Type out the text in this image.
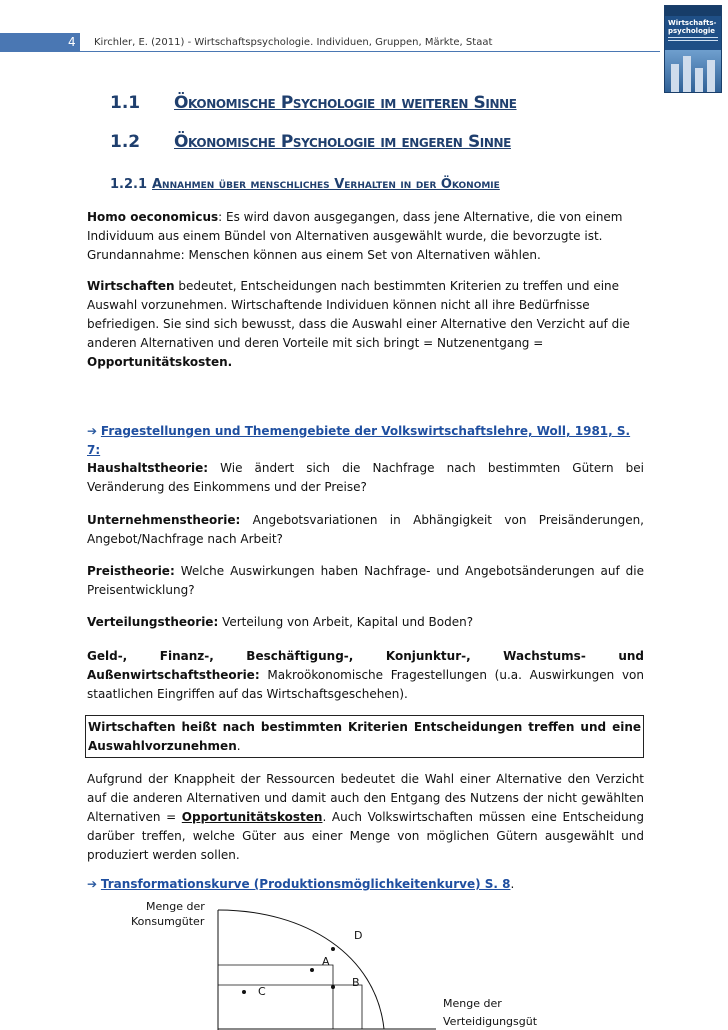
4	Kirchler, E. (2011) - Wirtschaftspsychologie. Individuen, Gruppen, Märkte, Staat
Wirtschafts-
psychologie
1.1 Ökonomische Psychologie im weiteren Sinne
1.2 Ökonomische Psychologie im engeren Sinne
1.2.1 Annahmen über menschliches Verhalten in der Ökonomie
Homo oeconomicus: Es wird davon ausgegangen, dass jene Alternative, die von einem Individuum aus einem Bündel von Alternativen ausgewählt wurde, die bevorzugte ist. Grundannahme: Menschen können aus einem Set von Alternativen wählen.
Wirtschaften bedeutet, Entscheidungen nach bestimmten Kriterien zu treffen und eine Auswahl vorzunehmen. Wirtschaftende Individuen können nicht all ihre Bedürfnisse befriedigen. Sie sind sich bewusst, dass die Auswahl einer Alternative den Verzicht auf die anderen Alternativen und deren Vorteile mit sich bringt = Nutzenentgang = Opportunitätskosten.
➔ Fragestellungen und Themengebiete der Volkswirtschaftslehre, Woll, 1981, S. 7:
Haushaltstheorie: Wie ändert sich die Nachfrage nach bestimmten Gütern bei Veränderung des Einkommens und der Preise?
Unternehmenstheorie: Angebotsvariationen in Abhängigkeit von Preisänderungen, Angebot/Nachfrage nach Arbeit?
Preistheorie: Welche Auswirkungen haben Nachfrage- und Angebotsänderungen auf die Preisentwicklung?
Verteilungstheorie: Verteilung von Arbeit, Kapital und Boden?
Geld-, Finanz-, Beschäftigung-, Konjunktur-, Wachstums- und Außenwirtschaftstheorie: Makroökonomische Fragestellungen (u.a. Auswirkungen von staatlichen Eingriffen auf das Wirtschaftsgeschehen).
Wirtschaften heißt nach bestimmten Kriterien Entscheidungen treffen und eine Auswahlvorzunehmen.
Aufgrund der Knappheit der Ressourcen bedeutet die Wahl einer Alternative den Verzicht auf die anderen Alternativen und damit auch den Entgang des Nutzens der nicht gewählten Alternativen = Opportunitätskosten. Auch Volkswirtschaften müssen eine Entscheidung darüber treffen, welche Güter aus einer Menge von möglichen Gütern ausgewählt und produziert werden sollen.
➔ Transformationskurve (Produktionsmöglichkeitenkurve) S. 8.
Menge der
Konsumgüter
D
A
B
C
Menge der
Verteidigungsgüt
